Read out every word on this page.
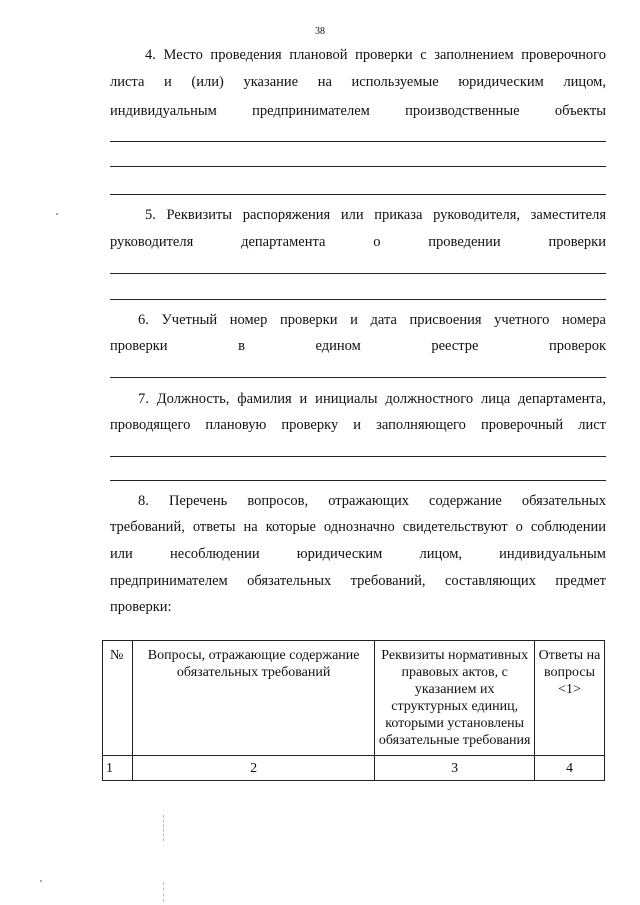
38
4. Место проведения плановой проверки с заполнением проверочного
листа и (или) указание на используемые юридическим лицом,
индивидуальным предпринимателем производственные объекты
5. Реквизиты распоряжения или приказа руководителя, заместителя
руководителя	департамента	о	проведении	проверки
6. Учетный номер проверки и дата присвоения учетного номера
проверки	в	едином	реестре	проверок
7. Должность, фамилия и инициалы должностного лица департамента,
проводящего плановую проверку и заполняющего проверочный лист
8. Перечень вопросов, отражающих содержание обязательных
требований, ответы на которые однозначно свидетельствуют о соблюдении
или	несоблюдении	юридическим	лицом,	индивидуальным
предпринимателем обязательных требований, составляющих предмет
проверки:
№	Вопросы, отражающие содержание обязательных требований	Реквизиты нормативных правовых актов, с указанием их структурных единиц, которыми установлены обязательные требования	Ответы на вопросы <1>
1	2	3	4
